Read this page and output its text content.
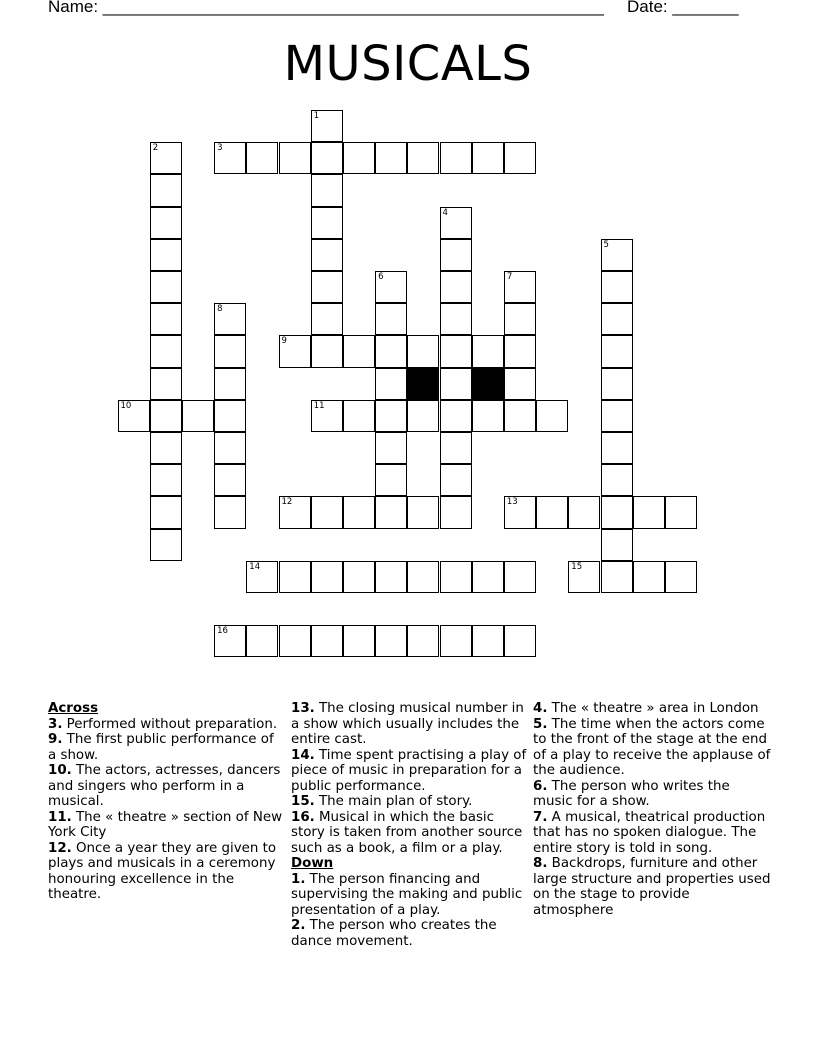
Name: _____________________________________________________ Date: _______
MUSICALS
1
2	3
4
5
6	7
8
9
10	11
12	13
14	15
16
Across
3. Performed without preparation.
9. The first public performance of a show.
10. The actors, actresses, dancers and singers who perform in a musical.
11. The « theatre » section of New York City
12. Once a year they are given to plays and musicals in a ceremony honouring excellence in the theatre.
13. The closing musical number in a show which usually includes the entire cast.
14. Time spent practising a play of piece of music in preparation for a public performance.
15. The main plan of story.
16. Musical in which the basic story is taken from another source such as a book, a film or a play.
Down
1. The person financing and supervising the making and public presentation of a play.
2. The person who creates the dance movement.
4. The « theatre » area in London
5. The time when the actors come to the front of the stage at the end of a play to receive the applause of the audience.
6. The person who writes the music for a show.
7. A musical, theatrical production that has no spoken dialogue. The entire story is told in song.
8. Backdrops, furniture and other large structure and properties used on the stage to provide atmosphere
